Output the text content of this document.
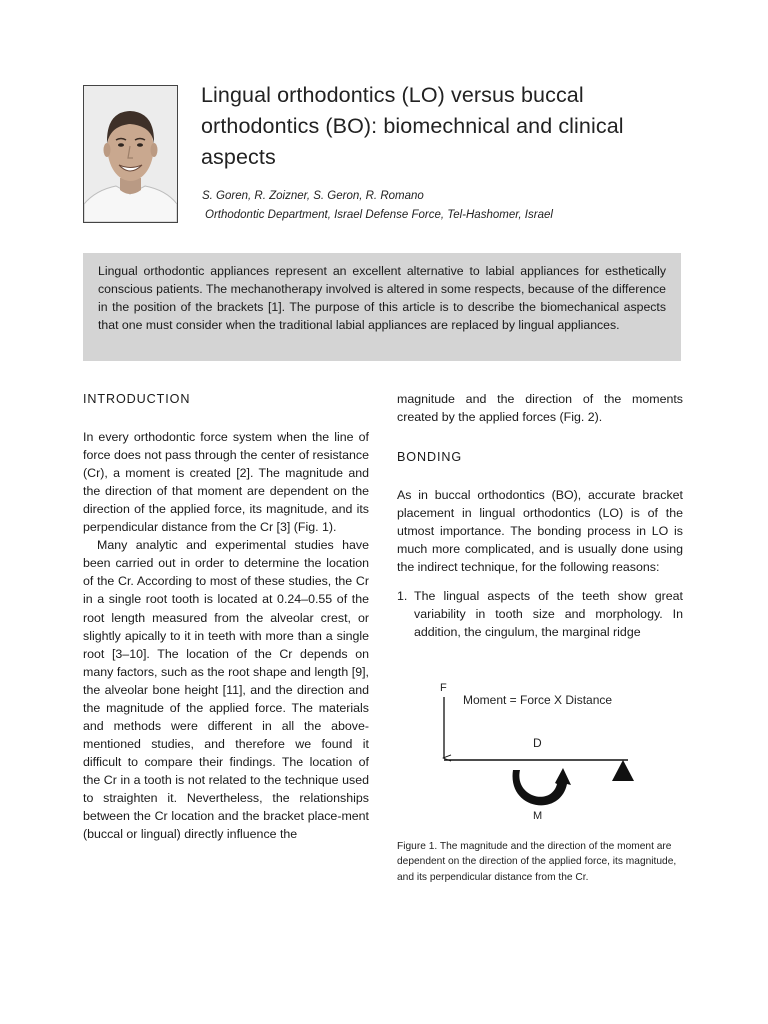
Lingual orthodontics (LO) versus buccal orthodontics (BO): biomechnical and clinical aspects
S. Goren, R. Zoizner, S. Geron, R. Romano
Orthodontic Department, Israel Defense Force, Tel-Hashomer, Israel

Lingual orthodontic appliances represent an excellent alternative to labial appliances for esthetically conscious patients. The mechanotherapy involved is altered in some respects, because of the difference in the position of the brackets [1]. The purpose of this article is to describe the biomechanical aspects that one must consider when the traditional labial appliances are replaced by lingual appliances.

INTRODUCTION

In every orthodontic force system when the line of force does not pass through the center of resistance (Cr), a moment is created [2]. The magnitude and the direction of that moment are dependent on the direction of the applied force, its magnitude, and its perpendicular distance from the Cr [3] (Fig. 1).

Many analytic and experimental studies have been carried out in order to determine the location of the Cr. According to most of these studies, the Cr in a single root tooth is located at 0.24–0.55 of the root length measured from the alveolar crest, or slightly apically to it in teeth with more than a single root [3–10]. The location of the Cr depends on many factors, such as the root shape and length [9], the alveolar bone height [11], and the direction and the magnitude of the applied force. The materials and methods were different in all the above-mentioned studies, and therefore we found it difficult to compare their findings. The location of the Cr in a tooth is not related to the technique used to straighten it. Nevertheless, the relationships between the Cr location and the bracket place-ment (buccal or lingual) directly influence the

magnitude and the direction of the moments created by the applied forces (Fig. 2).

BONDING

As in buccal orthodontics (BO), accurate bracket placement in lingual orthodontics (LO) is of the utmost importance. The bonding process in LO is much more complicated, and is usually done using the indirect technique, for the following reasons:

1. The lingual aspects of the teeth show great variability in tooth size and morphology. In addition, the cingulum, the marginal ridge
F
Moment = Force X Distance
D
M
Figure 1. The magnitude and the direction of the moment are dependent on the direction of the applied force, its magnitude, and its perpendicular distance from the Cr.
